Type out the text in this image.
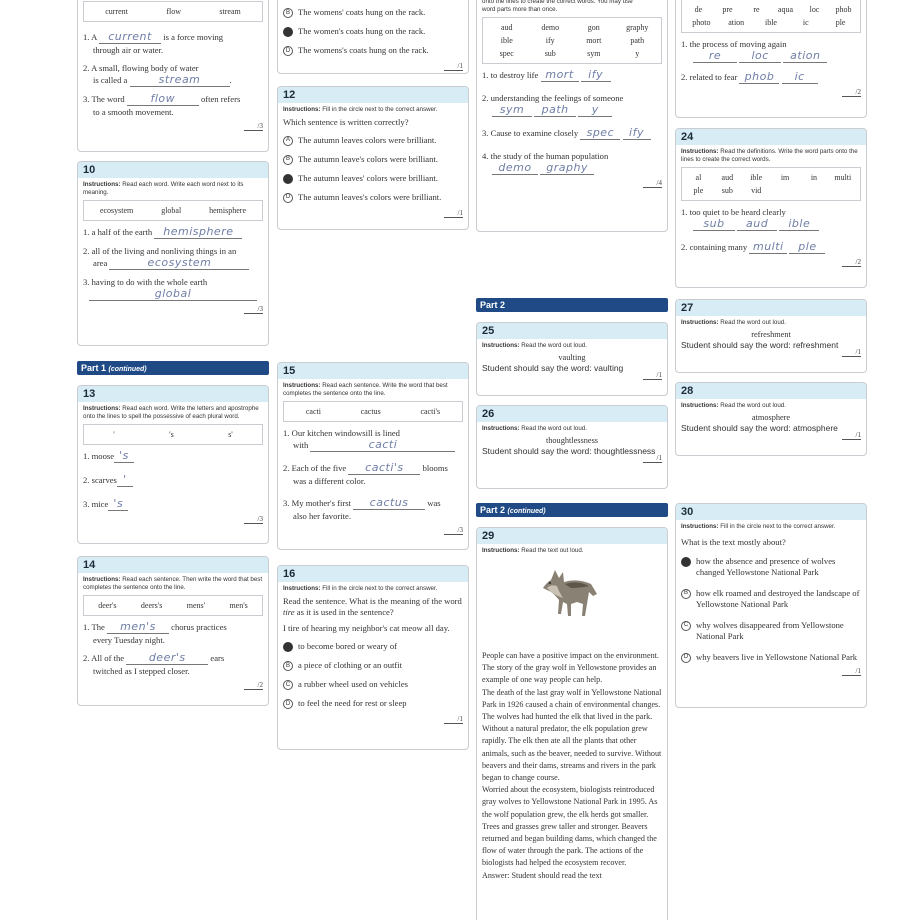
current	flow	stream
1. A current is a force moving
through air or water.
2. A small, flowing body of water
is called a	stream	.
3. The word flow	often refers
to a smooth movement.
/3
10
Instructions: Read each word. Write each word next to its meaning.
ecosystem	global	hemisphere
1. a half of the earth hemisphere
2. all of the living and nonliving things in an
area	ecosystem
3. having to do with the whole earth
global
/3
Part 1 (continued)
13
Instructions: Read each word. Write the letters and apostrophe onto the lines to spell the possessive of each plural word.
'	's	s'
1. moose 's
2. scarves '
3. mice 's
/3
14
Instructions: Read each sentence. Then write the word that best completes the sentence onto the line.
deer's	deers's	mens'	men's
1. The men's chorus practices
every Tuesday night.
2. All of the deer's	ears
twitched as I stepped closer.
/2
B The womens' coats hung on the rack.
The women's coats hung on the rack.
D The womens's coats hung on the rack.
/1
12
Instructions: Fill in the circle next to the correct answer.
Which sentence is written correctly?
A The autumn leaves colors were brilliant.
B The autumn leave's colors were brilliant.
The autumn leaves' colors were brilliant.
D The autumn leaves's colors were brilliant.
/1
15
Instructions: Read each sentence. Write the word that best completes the sentence onto the line.
cacti	cactus	cacti's
1. Our kitchen windowsill is lined
with	cacti
2. Each of the five cacti's blooms
was a different color.
3. My mother's first cactus was
also her favorite.
/3
16
Instructions: Fill in the circle next to the correct answer.
Read the sentence. What is the meaning of the word tire as it is used in the sentence?
I tire of hearing my neighbor's cat meow all day.
to become bored or weary of
B a piece of clothing or an outfit
C a rubber wheel used on vehicles
D to feel the need for rest or sleep
/1
onto the lines to create the correct words. You may use
word parts more than once.
aud	demo	gon	graphy
ible	ify	mort	path
spec	sub	sym	y
1. to destroy life mort ify
2. understanding the feelings of someone
sym path y
3. Cause to examine closely spec ify
4. the study of the human population
demo graphy
/4
Part 2
25
Instructions: Read the word out loud.
vaulting
Student should say the word: vaulting
/1
26
Instructions: Read the word out loud.
thoughtlessness
Student should say the word: thoughtlessness
/1
Part 2 (continued)
29
Instructions: Read the text out loud.
People can have a positive impact on the environment. The story of the gray wolf in Yellowstone provides an example of one way people can help.
The death of the last gray wolf in Yellowstone National Park in 1926 caused a chain of environmental changes. The wolves had hunted the elk that lived in the park. Without a natural predator, the elk population grew rapidly. The elk then ate all the plants that other animals, such as the beaver, needed to survive. Without beavers and their dams, streams and rivers in the park began to change course.
Worried about the ecosystem, biologists reintroduced gray wolves to Yellowstone National Park in 1995. As the wolf population grew, the elk herds got smaller. Trees and grasses grew taller and stronger. Beavers returned and began building dams, which changed the flow of water through the park. The actions of the biologists had helped the ecosystem recover.
Answer: Student should read the text
de	pre	re	aqua	loc	phob
photo	ation	ible	ic	ple
1. the process of moving again
re	loc ation
2. related to fear phob ic
/2
24
Instructions: Read the definitions. Write the word parts onto the lines to create the correct words.
al	aud	ible	im	in	multi
ple	sub	vid
1. too quiet to be heard clearly
sub aud ible
2. containing many multi ple
/2
27
Instructions: Read the word out loud.
refreshment
Student should say the word: refreshment
/1
28
Instructions: Read the word out loud.
atmosphere
Student should say the word: atmosphere
/1
30
Instructions: Fill in the circle next to the correct answer.
What is the text mostly about?
how the absence and presence of wolves changed Yellowstone National Park
B how elk roamed and destroyed the landscape of Yellowstone National Park
C why wolves disappeared from Yellowstone National Park
D why beavers live in Yellowstone National Park
/1
